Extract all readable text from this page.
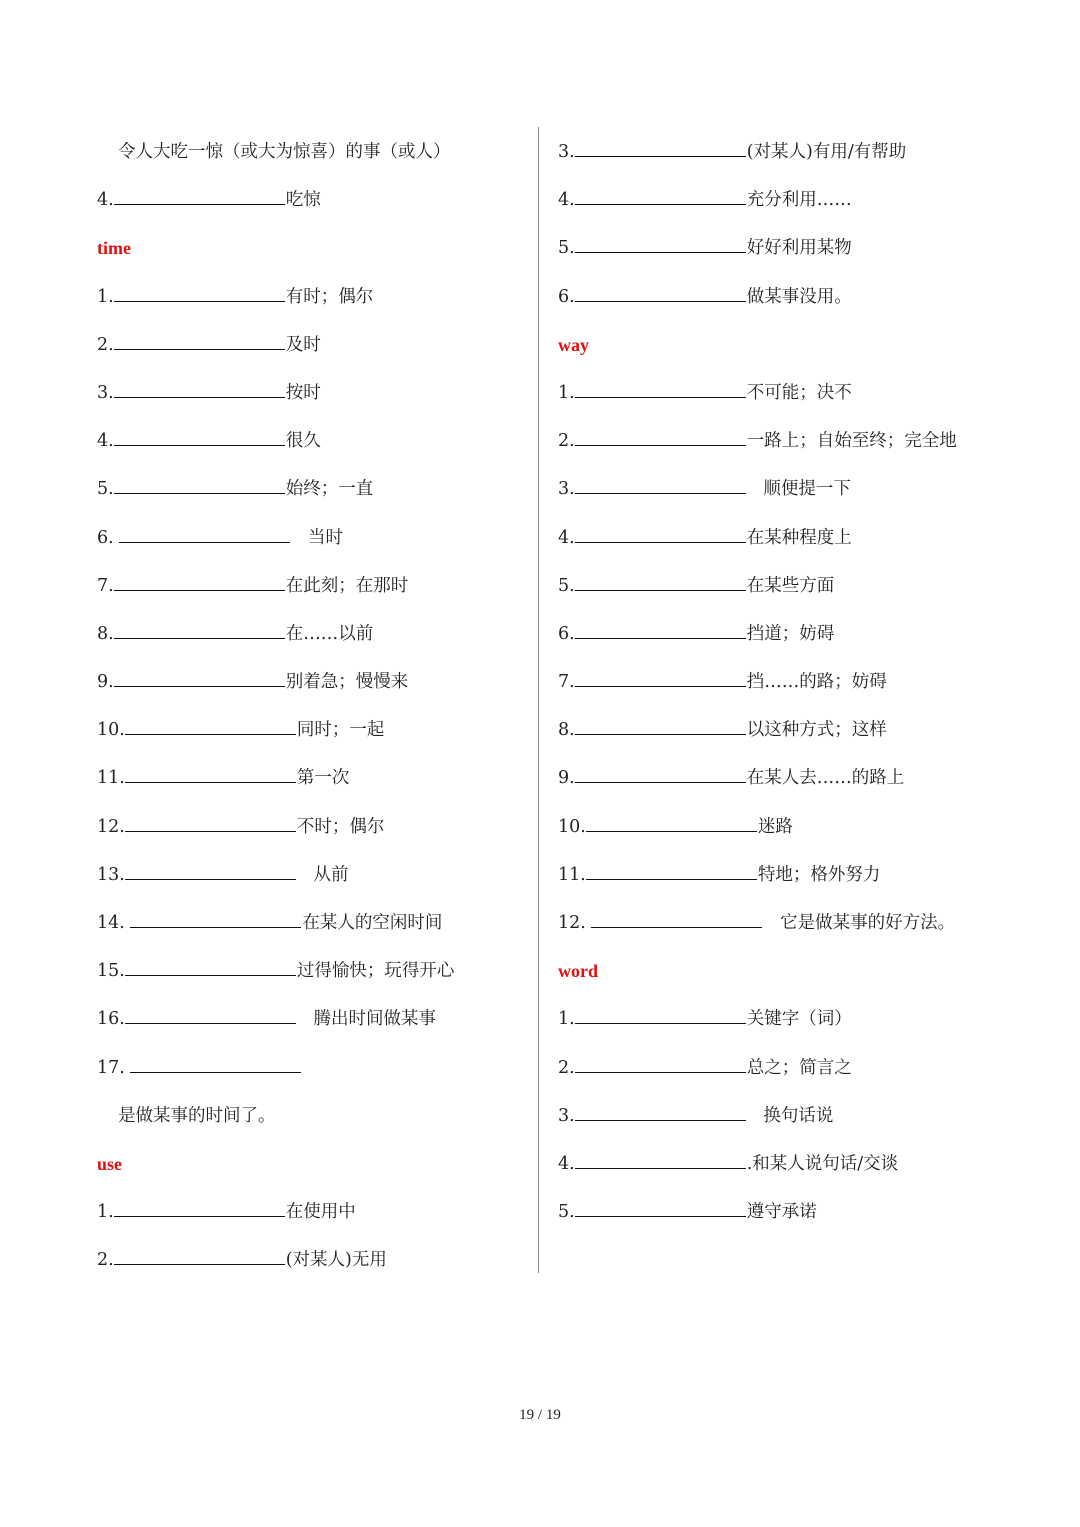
令人大吃一惊（或大为惊喜）的事（或人）
4.	吃惊
time
1.	有时；偶尔
2.	及时
3.	按时
4.	很久
5.	始终；一直
6.	当时
7.	在此刻；在那时
8.	在……以前
9.	别着急；慢慢来
10.	同时；一起
11.	第一次
12.	不时；偶尔
13.	从前
14.	在某人的空闲时间
15.	过得愉快；玩得开心
16.	腾出时间做某事
17.
是做某事的时间了。
use
1.	在使用中
2.	(对某人)无用
3.	(对某人)有用/有帮助
4.	充分利用……
5.	好好利用某物
6.	做某事没用。
way
1.	不可能；决不
2.	一路上；自始至终；完全地
3.	顺便提一下
4.	在某种程度上
5.	在某些方面
6.	挡道；妨碍
7.	挡……的路；妨碍
8.	以这种方式；这样
9.	在某人去……的路上
10.	迷路
11.	特地；格外努力
12.	它是做某事的好方法。
word
1.	关键字（词）
2.	总之；简言之
3.	换句话说
4.	.和某人说句话/交谈
5.	遵守承诺
19 / 19
